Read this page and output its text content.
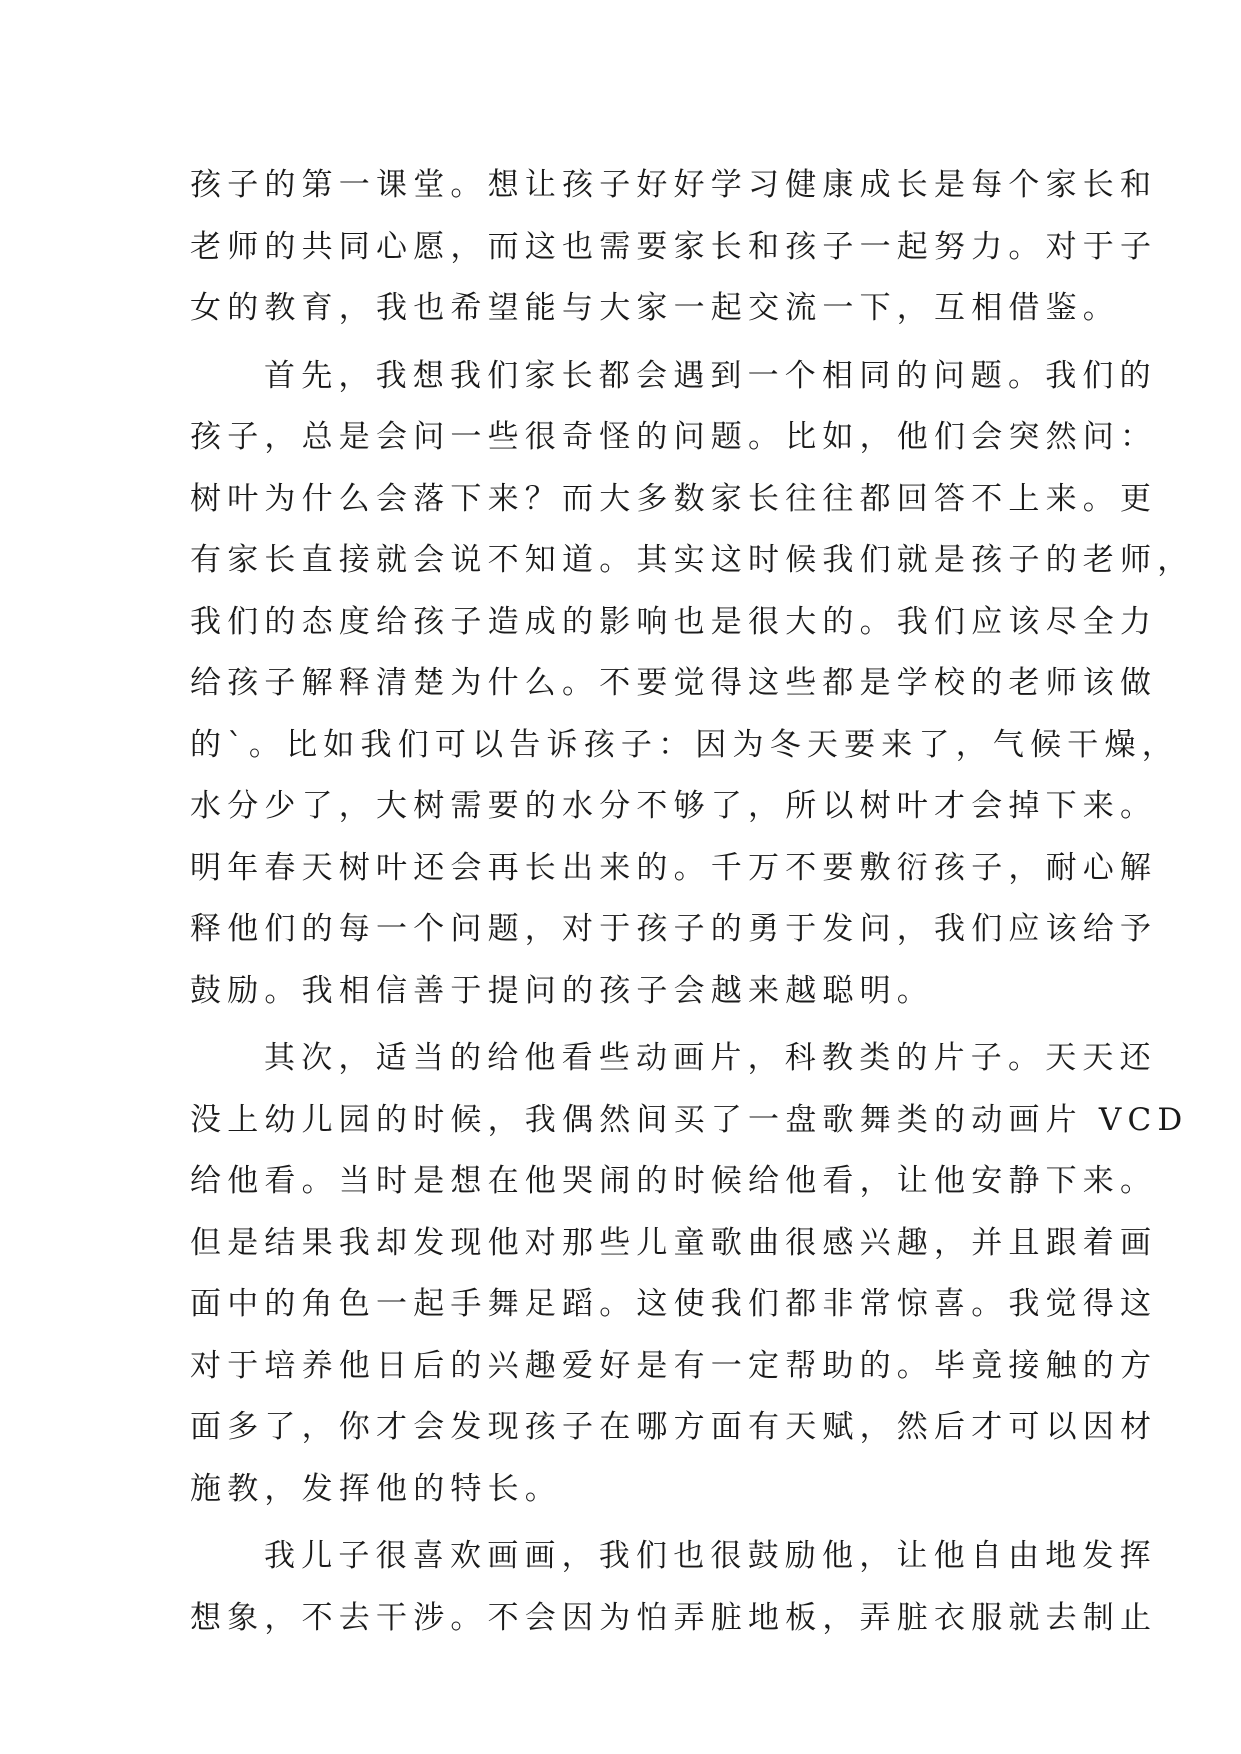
孩子的第一课堂。想让孩子好好学习健康成长是每个家长和
老师的共同心愿，而这也需要家长和孩子一起努力。对于子
女的教育，我也希望能与大家一起交流一下，互相借鉴。
首先，我想我们家长都会遇到一个相同的问题。我们的
孩子，总是会问一些很奇怪的问题。比如，他们会突然问：
树叶为什么会落下来？而大多数家长往往都回答不上来。更
有家长直接就会说不知道。其实这时候我们就是孩子的老师，
我们的态度给孩子造成的影响也是很大的。我们应该尽全力
给孩子解释清楚为什么。不要觉得这些都是学校的老师该做
的`。比如我们可以告诉孩子：因为冬天要来了，气候干燥，
水分少了，大树需要的水分不够了，所以树叶才会掉下来。
明年春天树叶还会再长出来的。千万不要敷衍孩子，耐心解
释他们的每一个问题，对于孩子的勇于发问，我们应该给予
鼓励。我相信善于提问的孩子会越来越聪明。
其次，适当的给他看些动画片，科教类的片子。天天还
没上幼儿园的时候，我偶然间买了一盘歌舞类的动画片 VCD
给他看。当时是想在他哭闹的时候给他看，让他安静下来。
但是结果我却发现他对那些儿童歌曲很感兴趣，并且跟着画
面中的角色一起手舞足蹈。这使我们都非常惊喜。我觉得这
对于培养他日后的兴趣爱好是有一定帮助的。毕竟接触的方
面多了，你才会发现孩子在哪方面有天赋，然后才可以因材
施教，发挥他的特长。
我儿子很喜欢画画，我们也很鼓励他，让他自由地发挥
想象，不去干涉。不会因为怕弄脏地板，弄脏衣服就去制止
